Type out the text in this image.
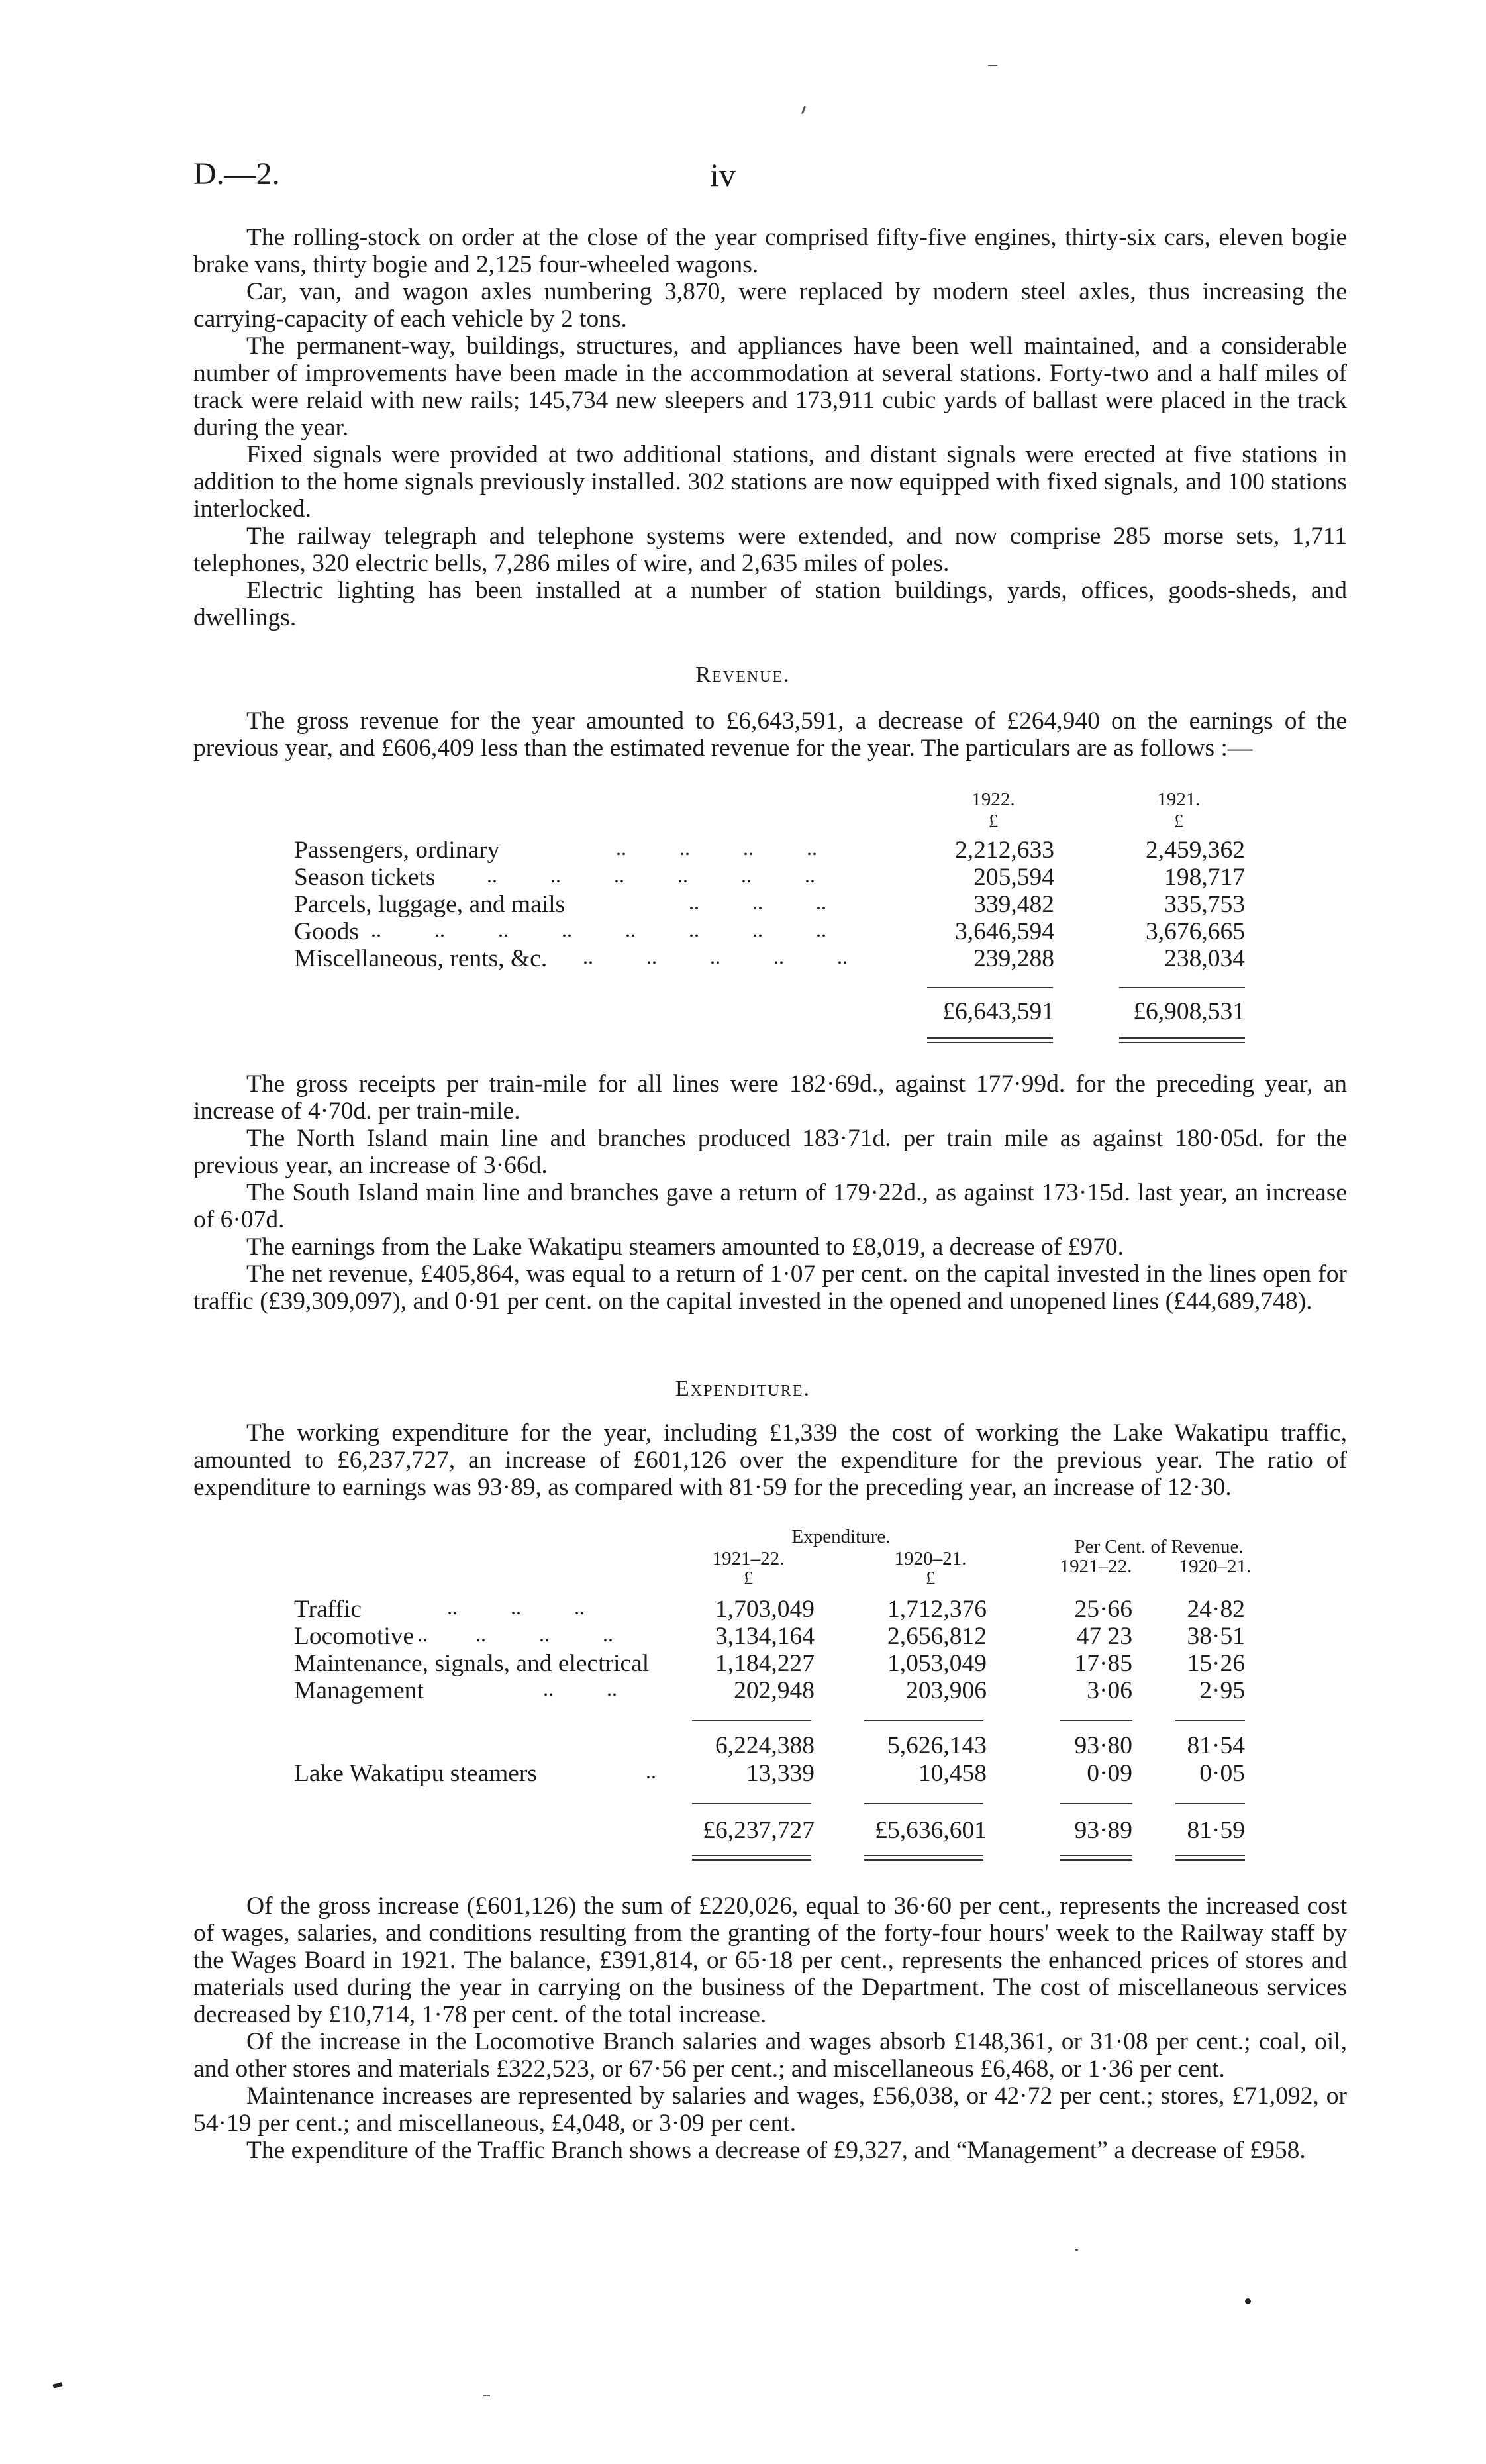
D.—2.	iv

The rolling-stock on order at the close of the year comprised fifty-five engines, thirty-six cars, eleven bogie brake vans, thirty bogie and 2,125 four-wheeled wagons.

Car, van, and wagon axles numbering 3,870, were replaced by modern steel axles, thus increasing the carrying-capacity of each vehicle by 2 tons.

The permanent-way, buildings, structures, and appliances have been well maintained, and a considerable number of improvements have been made in the accommodation at several stations. Forty-two and a half miles of track were relaid with new rails; 145,734 new sleepers and 173,911 cubic yards of ballast were placed in the track during the year.

Fixed signals were provided at two additional stations, and distant signals were erected at five stations in addition to the home signals previously installed. 302 stations are now equipped with fixed signals, and 100 stations interlocked.

The railway telegraph and telephone systems were extended, and now comprise 285 morse sets, 1,711 telephones, 320 electric bells, 7,286 miles of wire, and 2,635 miles of poles.

Electric lighting has been installed at a number of station buildings, yards, offices, goods-sheds, and dwellings.

Revenue.

The gross revenue for the year amounted to £6,643,591, a decrease of £264,940 on the earnings of the previous year, and £606,409 less than the estimated revenue for the year. The particulars are as follows :—

1922.	1921.
£	£
Passengers, ordinary	..          ..          ..          ..	2,212,633	2,459,362
Season tickets ..          ..          ..          ..          ..          ..	205,594	198,717
Parcels, luggage, and mails	..          ..          ..	339,482	335,753
Goods ..          ..          ..          ..          ..          ..          ..          ..	3,646,594	3,676,665
Miscellaneous, rents, &c. ..          ..          ..          ..          ..	239,288	238,034
£6,643,591	£6,908,531

The gross receipts per train-mile for all lines were 182·69d., against 177·99d. for the preceding year, an increase of 4·70d. per train-mile.

The North Island main line and branches produced 183·71d. per train mile as against 180·05d. for the previous year, an increase of 3·66d.

The South Island main line and branches gave a return of 179·22d., as against 173·15d. last year, an increase of 6·07d.

The earnings from the Lake Wakatipu steamers amounted to £8,019, a decrease of £970.

The net revenue, £405,864, was equal to a return of 1·07 per cent. on the capital invested in the lines open for traffic (£39,309,097), and 0·91 per cent. on the capital invested in the opened and unopened lines (£44,689,748).

Expenditure.

The working expenditure for the year, including £1,339 the cost of working the Lake Wakatipu traffic, amounted to £6,237,727, an increase of £601,126 over the expenditure for the previous year. The ratio of expenditure to earnings was 93·89, as compared with 81·59 for the preceding year, an increase of 12·30.

Expenditure.	Per Cent. of Revenue.
1921–22.	1920–21.	1921–22.	1920–21.
£	£
Traffic	..          ..          ..	1,703,049	1,712,376	25·66	24·82
Locomotive ..         ..          ..          ..	3,134,164	2,656,812	47 23	38·51
Maintenance, signals, and electrical	1,184,227	1,053,049	17·85	15·26
Management	..          ..	202,948	203,906	3·06	2·95
6,224,388	5,626,143	93·80	81·54
Lake Wakatipu steamers	..	13,339	10,458	0·09	0·05
£6,237,727	£5,636,601	93·89	81·59

Of the gross increase (£601,126) the sum of £220,026, equal to 36·60 per cent., represents the increased cost of wages, salaries, and conditions resulting from the granting of the forty-four hours' week to the Railway staff by the Wages Board in 1921. The balance, £391,814, or 65·18 per cent., represents the enhanced prices of stores and materials used during the year in carrying on the business of the Department. The cost of miscellaneous services decreased by £10,714, 1·78 per cent. of the total increase.

Of the increase in the Locomotive Branch salaries and wages absorb £148,361, or 31·08 per cent.; coal, oil, and other stores and materials £322,523, or 67·56 per cent.; and miscellaneous £6,468, or 1·36 per cent.

Maintenance increases are represented by salaries and wages, £56,038, or 42·72 per cent.; stores, £71,092, or 54·19 per cent.; and miscellaneous, £4,048, or 3·09 per cent.

The expenditure of the Traffic Branch shows a decrease of £9,327, and “Management” a decrease of £958.
